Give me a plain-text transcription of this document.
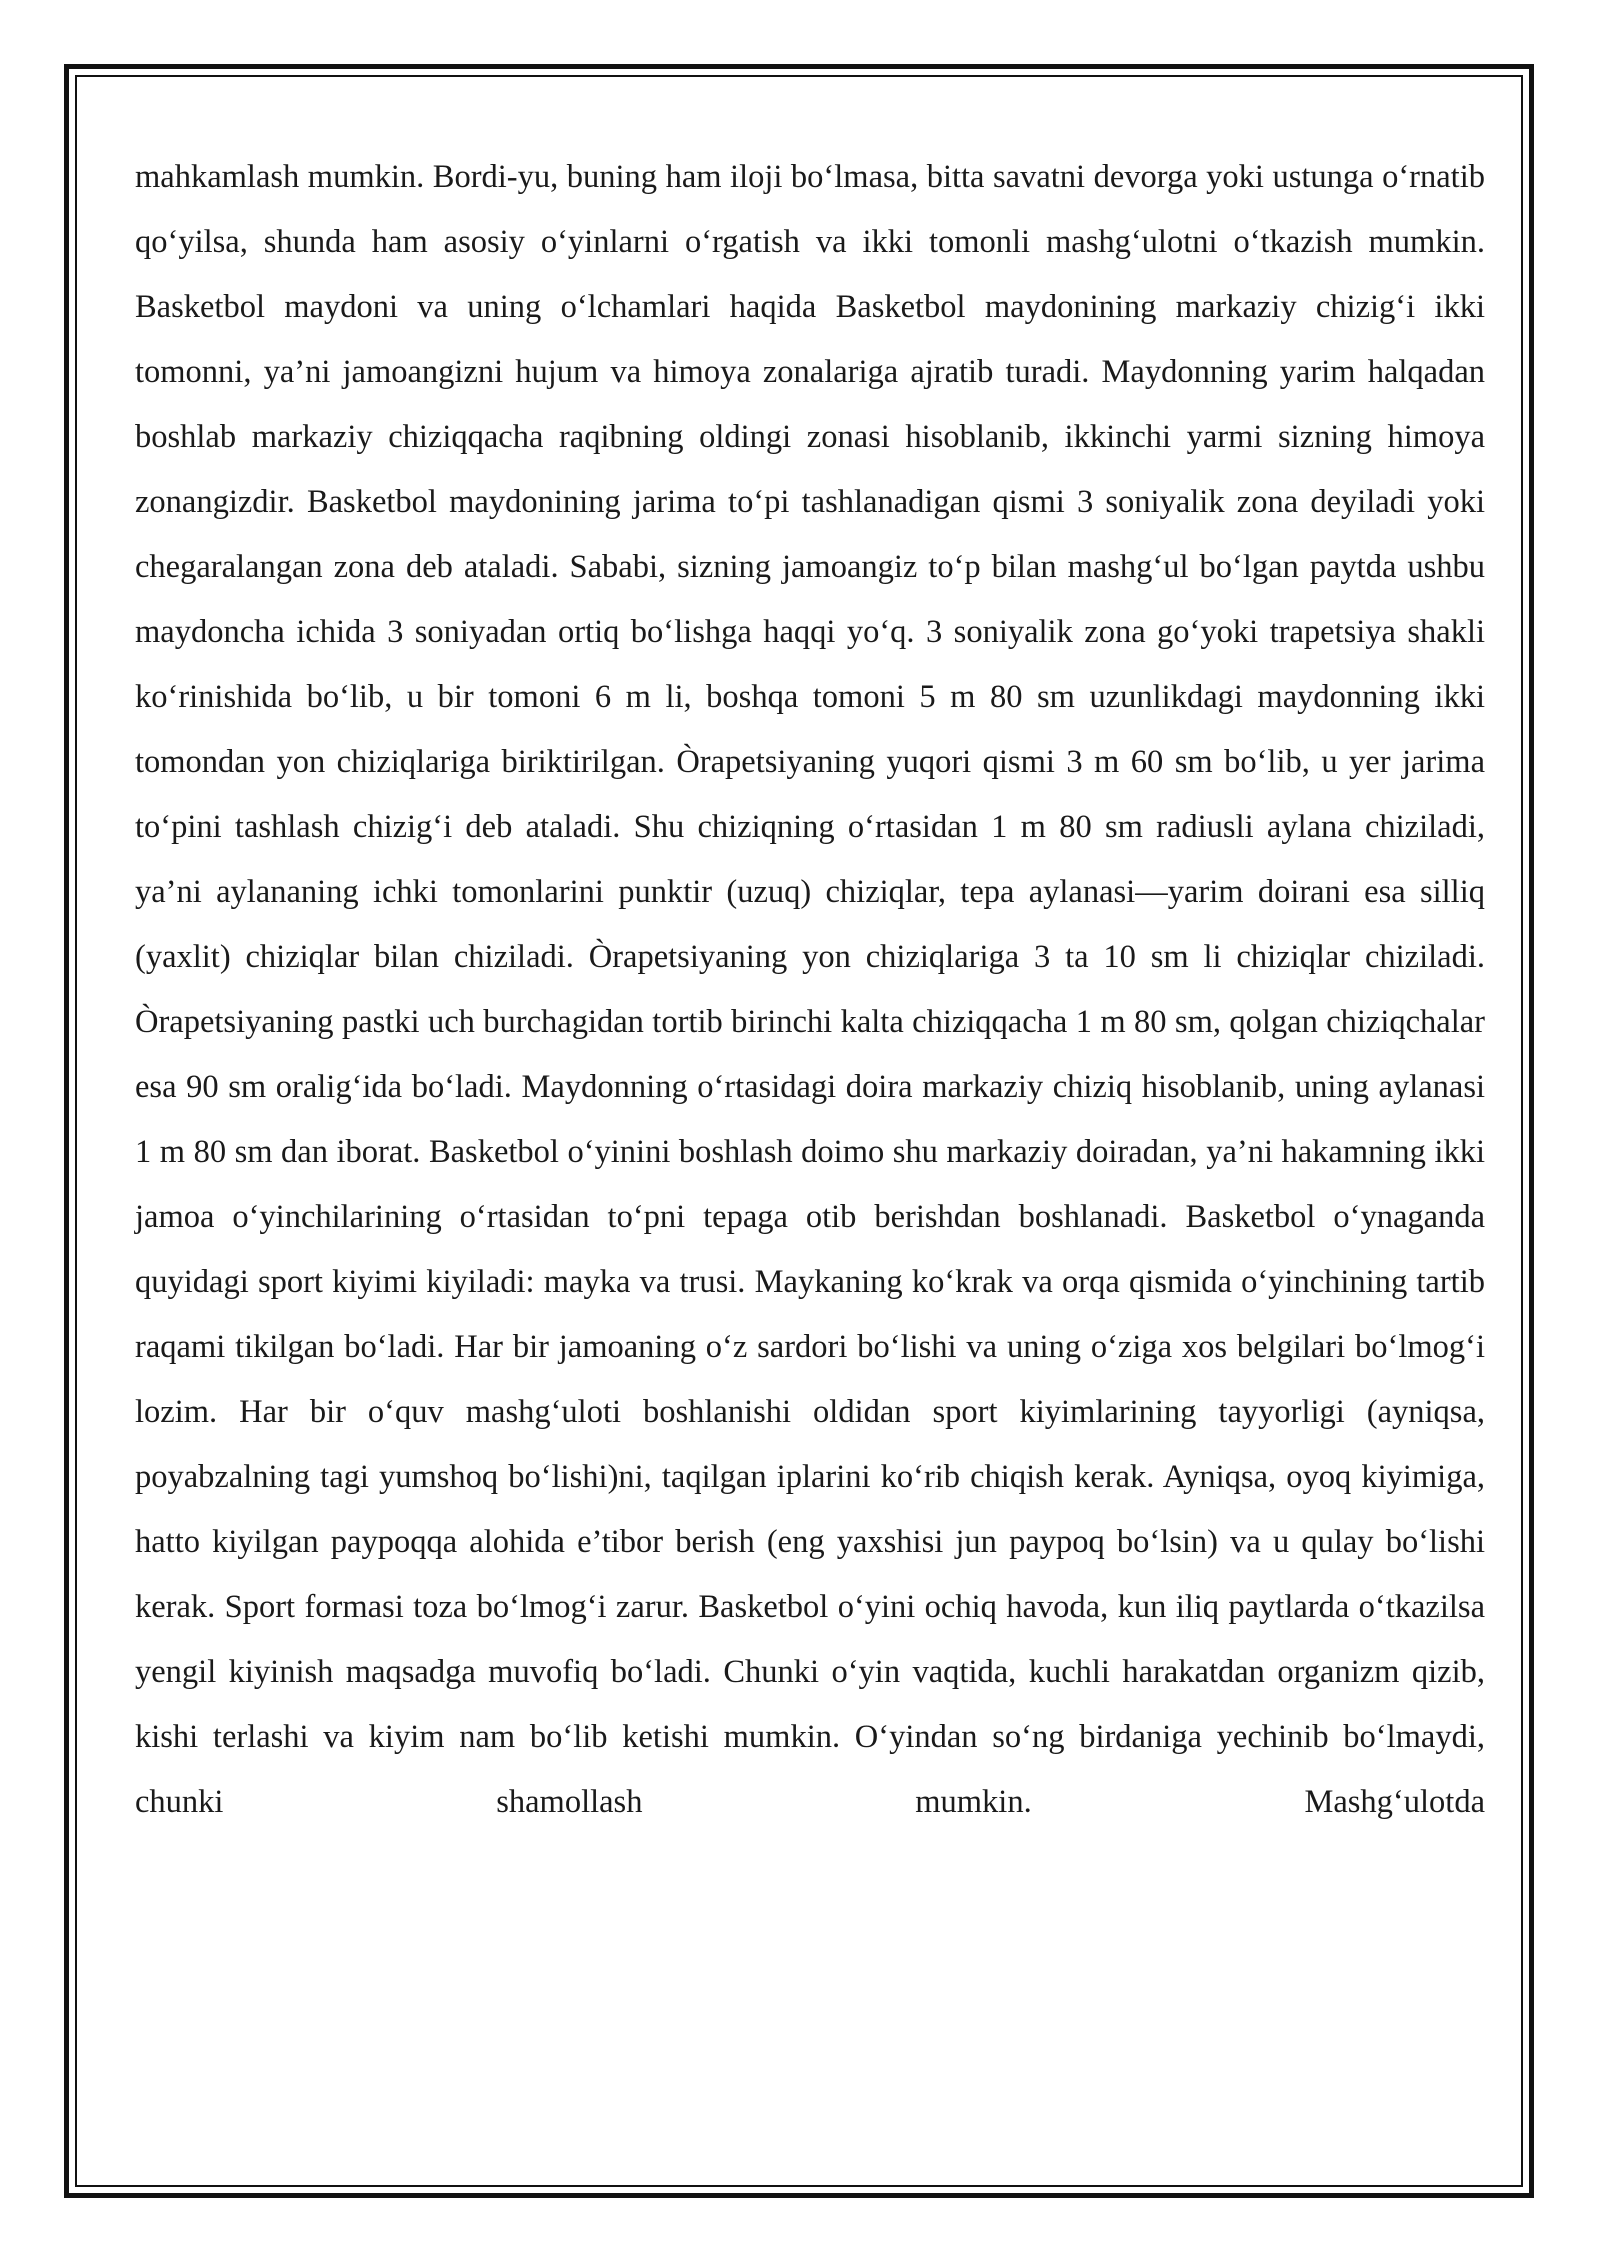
mahkamlash mumkin. Bordi-yu, buning ham iloji bo‘lmasa, bitta savatni devorga yoki ustunga o‘rnatib qo‘yilsa, shunda ham asosiy o‘yinlarni o‘rgatish va ikki tomonli mashg‘ulotni o‘tkazish mumkin. Basketbol maydoni va uning o‘lchamlari haqida Basketbol maydonining markaziy chizig‘i ikki tomonni, ya’ni jamoangizni hujum va himoya zonalariga ajratib turadi. Maydonning yarim halqadan boshlab markaziy chiziqqacha raqibning oldingi zonasi hisoblanib, ikkinchi yarmi sizning himoya zonangizdir. Basketbol maydonining jarima to‘pi tashlanadigan qismi 3 soniyalik zona deyiladi yoki chegaralangan zona deb ataladi. Sababi, sizning jamoangiz to‘p bilan mashg‘ul bo‘lgan paytda ushbu maydoncha ichida 3 soniyadan ortiq bo‘lishga haqqi yo‘q. 3 soniyalik zona go‘yoki trapetsiya shakli ko‘rinishida bo‘lib, u bir tomoni 6 m li, boshqa tomoni 5 m 80 sm uzunlikdagi maydonning ikki tomondan yon chiziqlariga biriktirilgan. Òrapetsiyaning yuqori qismi 3 m 60 sm bo‘lib, u yer jarima to‘pini tashlash chizig‘i deb ataladi. Shu chiziqning o‘rtasidan 1 m 80 sm radiusli aylana chiziladi, ya’ni aylananing ichki tomonlarini punktir (uzuq) chiziqlar, tepa aylanasi—yarim doirani esa silliq (yaxlit) chiziqlar bilan chiziladi. Òrapetsiyaning yon chiziqlariga 3 ta 10 sm li chiziqlar chiziladi. Òrapetsiyaning pastki uch burchagidan tortib birinchi kalta chiziqqacha 1 m 80 sm, qolgan chiziqchalar esa 90 sm oralig‘ida bo‘ladi. Maydonning o‘rtasidagi doira markaziy chiziq hisoblanib, uning aylanasi 1 m 80 sm dan iborat. Basketbol o‘yinini boshlash doimo shu markaziy doiradan, ya’ni hakamning ikki jamoa o‘yinchilarining o‘rtasidan to‘pni tepaga otib berishdan boshlanadi. Basketbol o‘ynaganda quyidagi sport kiyimi kiyiladi: mayka va trusi. Maykaning ko‘krak va orqa qismida o‘yinchining tartib raqami tikilgan bo‘ladi. Har bir jamoaning o‘z sardori bo‘lishi va uning o‘ziga xos belgilari bo‘lmog‘i lozim. Har bir o‘quv mashg‘uloti boshlanishi oldidan sport kiyimlarining tayyorligi (ayniqsa, poyabzalning tagi yumshoq bo‘lishi)ni, taqilgan iplarini ko‘rib chiqish kerak. Ayniqsa, oyoq kiyimiga, hatto kiyilgan paypoqqa alohida e’tibor berish (eng yaxshisi jun paypoq bo‘lsin) va u qulay bo‘lishi kerak. Sport formasi toza bo‘lmog‘i zarur. Basketbol o‘yini ochiq havoda, kun iliq paytlarda o‘tkazilsa yengil kiyinish maqsadga muvofiq bo‘ladi. Chunki o‘yin vaqtida, kuchli harakatdan organizm qizib, kishi terlashi va kiyim nam bo‘lib ketishi mumkin. O‘yindan so‘ng birdaniga yechinib bo‘lmaydi, chunki shamollash mumkin. Mashg‘ulotda
